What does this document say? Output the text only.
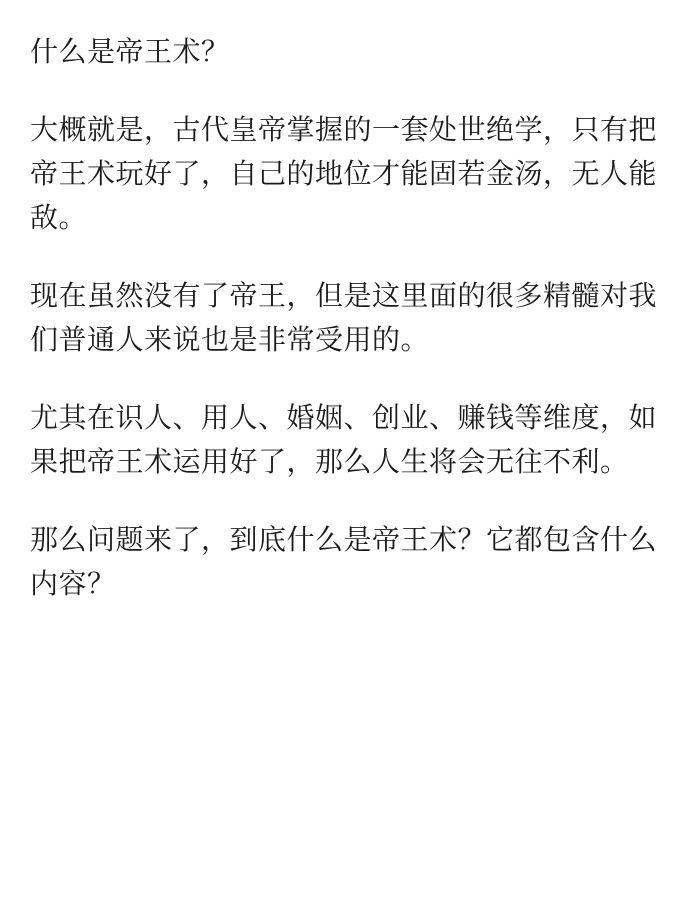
什么是帝王术？

大概就是，古代皇帝掌握的一套处世绝学，只有把帝王术玩好了，自己的地位才能固若金汤，无人能敌。

现在虽然没有了帝王，但是这里面的很多精髓对我们普通人来说也是非常受用的。

尤其在识人、用人、婚姻、创业、赚钱等维度，如果把帝王术运用好了，那么人生将会无往不利。

那么问题来了，到底什么是帝王术？它都包含什么内容？
